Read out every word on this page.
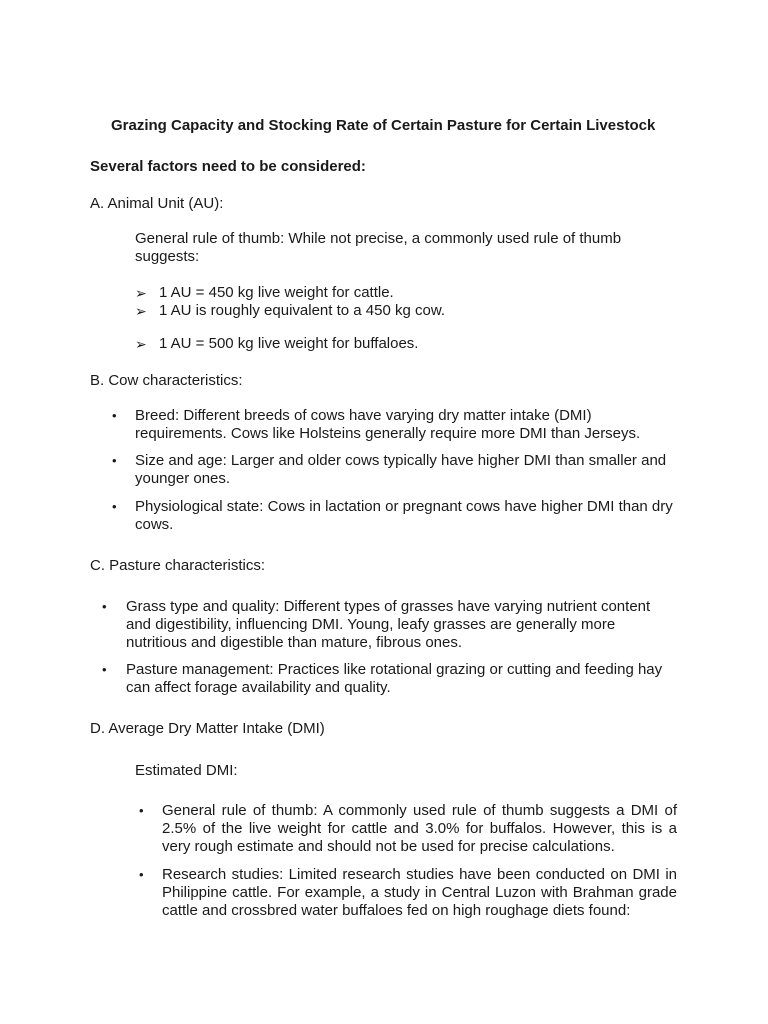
Grazing Capacity and Stocking Rate of Certain Pasture for Certain Livestock
Several factors need to be considered:
A. Animal Unit (AU):
General rule of thumb: While not precise, a commonly used rule of thumb suggests:
➢ 1 AU = 450 kg live weight for cattle.
➢ 1 AU is roughly equivalent to a 450 kg cow.
➢ 1 AU = 500 kg live weight for buffaloes.
B. Cow characteristics:
• Breed: Different breeds of cows have varying dry matter intake (DMI) requirements. Cows like Holsteins generally require more DMI than Jerseys.
• Size and age: Larger and older cows typically have higher DMI than smaller and younger ones.
• Physiological state: Cows in lactation or pregnant cows have higher DMI than dry cows.
C. Pasture characteristics:
• Grass type and quality: Different types of grasses have varying nutrient content and digestibility, influencing DMI. Young, leafy grasses are generally more nutritious and digestible than mature, fibrous ones.
• Pasture management: Practices like rotational grazing or cutting and feeding hay can affect forage availability and quality.
D. Average Dry Matter Intake (DMI)
Estimated DMI:
• General rule of thumb: A commonly used rule of thumb suggests a DMI of 2.5% of the live weight for cattle and 3.0% for buffalos. However, this is a very rough estimate and should not be used for precise calculations.
• Research studies: Limited research studies have been conducted on DMI in Philippine cattle. For example, a study in Central Luzon with Brahman grade cattle and crossbred water buffaloes fed on high roughage diets found:
